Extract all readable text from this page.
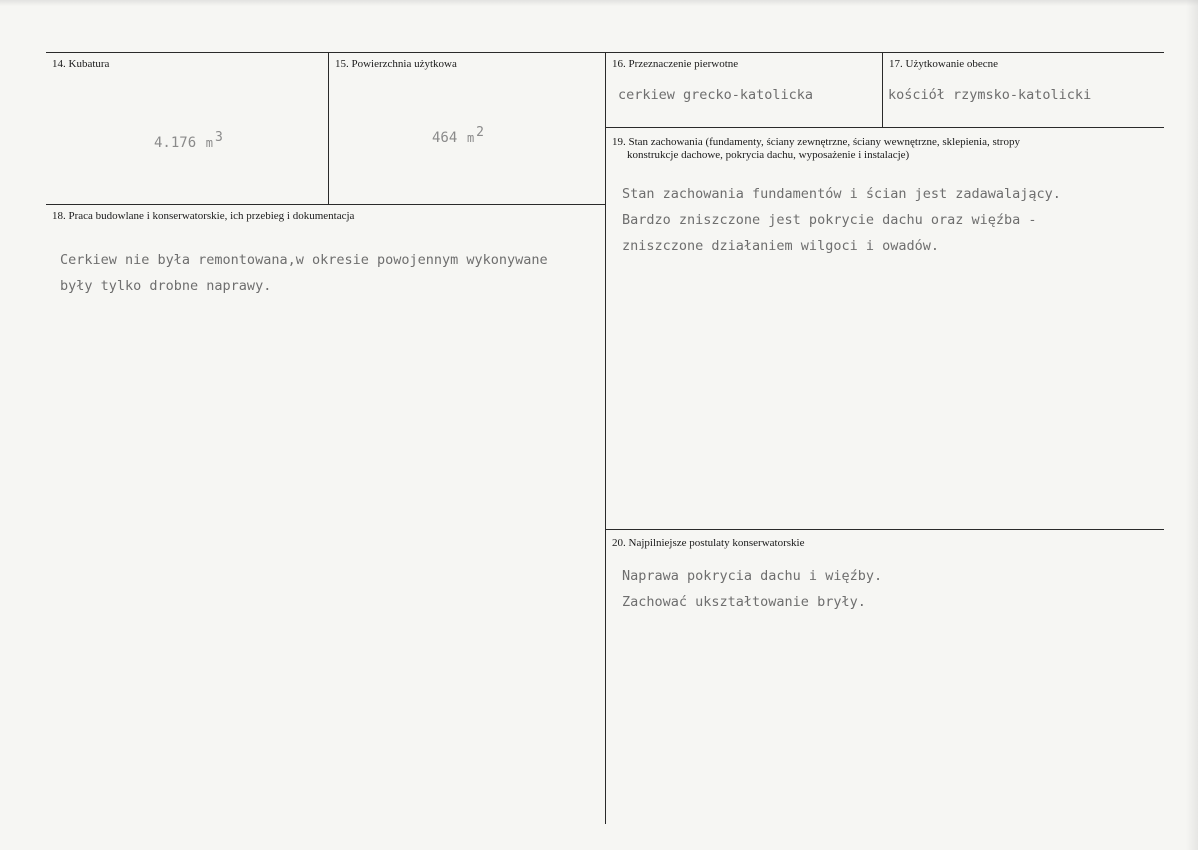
14. Kubatura
4.176 m $^3$
15. Powierzchnia użytkowa
464 m $^2$
16. Przeznaczenie pierwotne
cerkiew grecko-katolicka
17. Użytkowanie obecne
kościół rzymsko-katolicki
18. Praca budowlane i konserwatorskie, ich przebieg i dokumentacja
Cerkiew nie była remontowana,w okresie powojennym wykonywane
były tylko drobne naprawy.
19. Stan zachowania (fundamenty, ściany zewnętrzne, ściany wewnętrzne, sklepienia, stropy
konstrukcje dachowe, pokrycia dachu, wyposażenie i instalacje)
Stan zachowania fundamentów i ścian jest zadawalający.
Bardzo zniszczone jest pokrycie dachu oraz więźba -
zniszczone działaniem wilgoci i owadów.
20. Najpilniejsze postulaty konserwatorskie
Naprawa pokrycia dachu i więźby.
Zachować ukształtowanie bryły.
